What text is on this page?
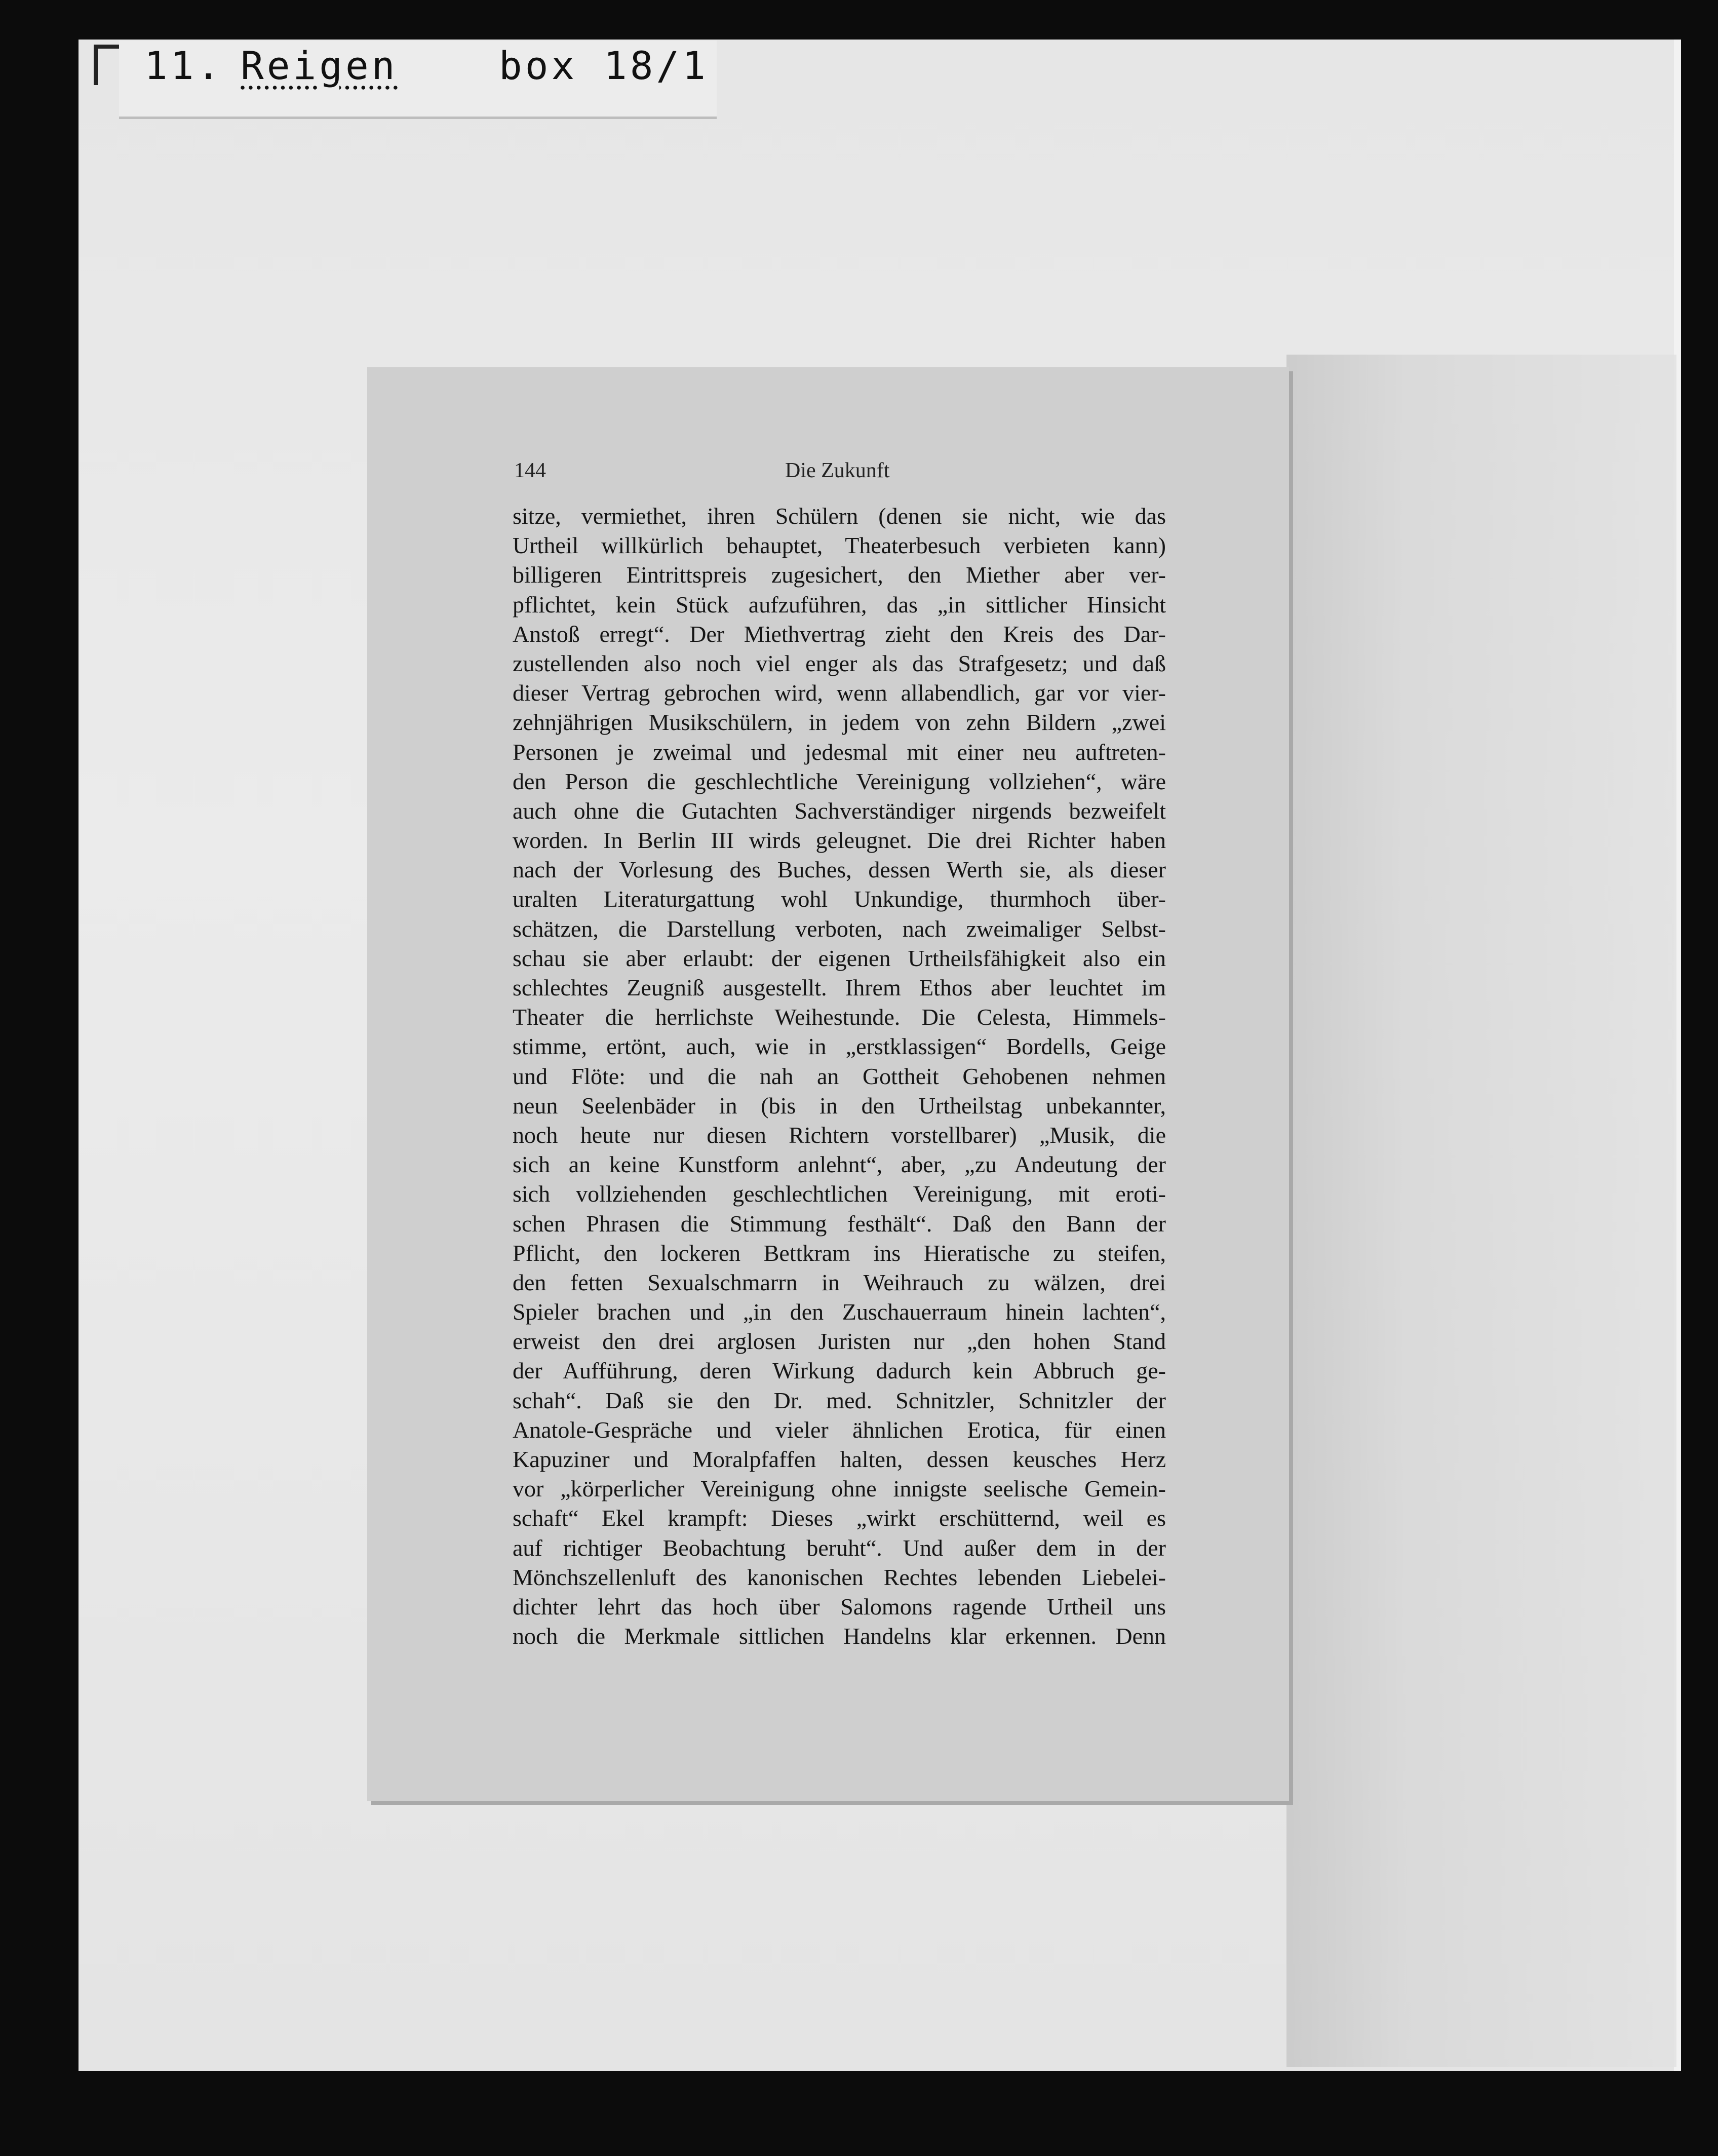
11. Reigen	box 18/1
144	Die Zukunft
sitze, vermiethet, ihren Schülern (denen sie nicht, wie das
Urtheil willkürlich behauptet, Theaterbesuch verbieten kann)
billigeren Eintrittspreis zugesichert, den Miether aber ver-
pflichtet, kein Stück aufzuführen, das „in sittlicher Hinsicht
Anstoß erregt“. Der Miethvertrag zieht den Kreis des Dar-
zustellenden also noch viel enger als das Strafgesetz; und daß
dieser Vertrag gebrochen wird, wenn allabendlich, gar vor vier-
zehnjährigen Musikschülern, in jedem von zehn Bildern „zwei
Personen je zweimal und jedesmal mit einer neu auftreten-
den Person die geschlechtliche Vereinigung vollziehen“, wäre
auch ohne die Gutachten Sachverständiger nirgends bezweifelt
worden. In Berlin III wirds geleugnet. Die drei Richter haben
nach der Vorlesung des Buches, dessen Werth sie, als dieser
uralten Literaturgattung wohl Unkundige, thurmhoch über-
schätzen, die Darstellung verboten, nach zweimaliger Selbst-
schau sie aber erlaubt: der eigenen Urtheilsfähigkeit also ein
schlechtes Zeugniß ausgestellt. Ihrem Ethos aber leuchtet im
Theater die herrlichste Weihestunde. Die Celesta, Himmels-
stimme, ertönt, auch, wie in „erstklassigen“ Bordells, Geige
und Flöte: und die nah an Gottheit Gehobenen nehmen
neun Seelenbäder in (bis in den Urtheilstag unbekannter,
noch heute nur diesen Richtern vorstellbarer) „Musik, die
sich an keine Kunstform anlehnt“, aber, „zu Andeutung der
sich vollziehenden geschlechtlichen Vereinigung, mit eroti-
schen Phrasen die Stimmung festhält“. Daß den Bann der
Pflicht, den lockeren Bettkram ins Hieratische zu steifen,
den fetten Sexualschmarrn in Weihrauch zu wälzen, drei
Spieler brachen und „in den Zuschauerraum hinein lachten“,
erweist den drei arglosen Juristen nur „den hohen Stand
der Aufführung, deren Wirkung dadurch kein Abbruch ge-
schah“. Daß sie den Dr. med. Schnitzler, Schnitzler der
Anatole-Gespräche und vieler ähnlichen Erotica, für einen
Kapuziner und Moralpfaffen halten, dessen keusches Herz
vor „körperlicher Vereinigung ohne innigste seelische Gemein-
schaft“ Ekel krampft: Dieses „wirkt erschütternd, weil es
auf richtiger Beobachtung beruht“. Und außer dem in der
Mönchszellenluft des kanonischen Rechtes lebenden Liebelei-
dichter lehrt das hoch über Salomons ragende Urtheil uns
noch die Merkmale sittlichen Handelns klar erkennen. Denn
